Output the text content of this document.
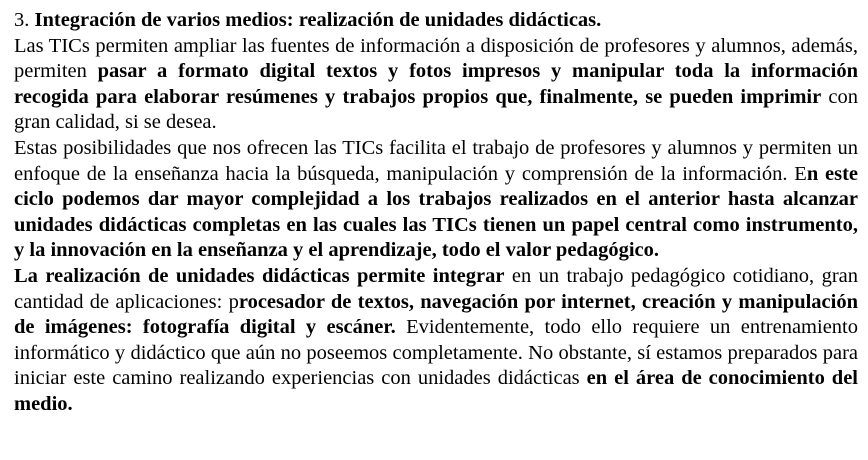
3. Integración de varios medios: realización de unidades didácticas.

Las TICs permiten ampliar las fuentes de información a disposición de profesores y alumnos, además, permiten pasar a formato digital textos y fotos impresos y manipular toda la información recogida para elaborar resúmenes y trabajos propios que, finalmente, se pueden imprimir con gran calidad, si se desea.

Estas posibilidades que nos ofrecen las TICs facilita el trabajo de profesores y alumnos y permiten un enfoque de la enseñanza hacia la búsqueda, manipulación y comprensión de la información. En este ciclo podemos dar mayor complejidad a los trabajos realizados en el anterior hasta alcanzar unidades didácticas completas en las cuales las TICs tienen un papel central como instrumento, y la innovación en la enseñanza y el aprendizaje, todo el valor pedagógico.

La realización de unidades didácticas permite integrar en un trabajo pedagógico cotidiano, gran cantidad de aplicaciones: procesador de textos, navegación por internet, creación y manipulación de imágenes: fotografía digital y escáner. Evidentemente, todo ello requiere un entrenamiento informático y didáctico que aún no poseemos completamente. No obstante, sí estamos preparados para iniciar este camino realizando experiencias con unidades didácticas en el área de conocimiento del medio.
